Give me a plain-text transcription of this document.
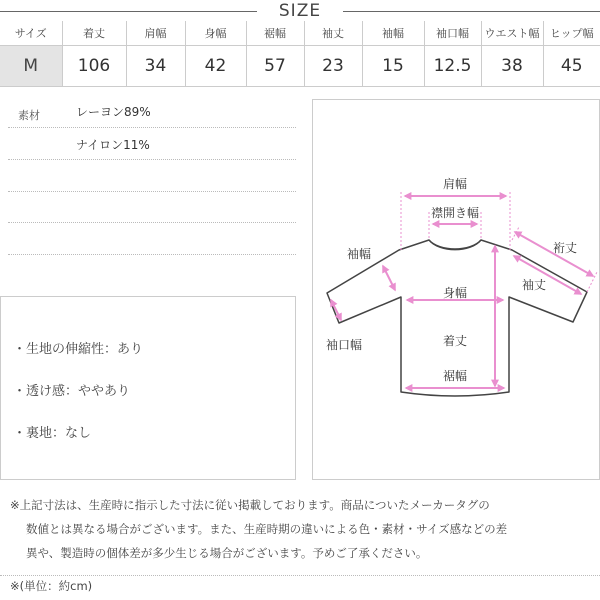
SIZE
サイズ	着丈	肩幅	身幅	裾幅	袖丈	袖幅	袖口幅	ウエスト幅	ヒップ幅
M	106	34	42	57	23	15	12.5	38	45
素材	レーヨン89%
ナイロン11%
・生地の伸縮性：あり
・透け感：ややあり
・裏地：なし
肩幅
襟開き幅
袖幅	裄丈
袖丈
身幅
袖口幅	着丈
裾幅
※上記寸法は、生産時に指示した寸法に従い掲載しております。商品についたメーカータグの
数値とは異なる場合がございます。また、生産時期の違いによる色・素材・サイズ感などの差
異や、製造時の個体差が多少生じる場合がございます。予めご了承ください。
※(単位：約cm)
